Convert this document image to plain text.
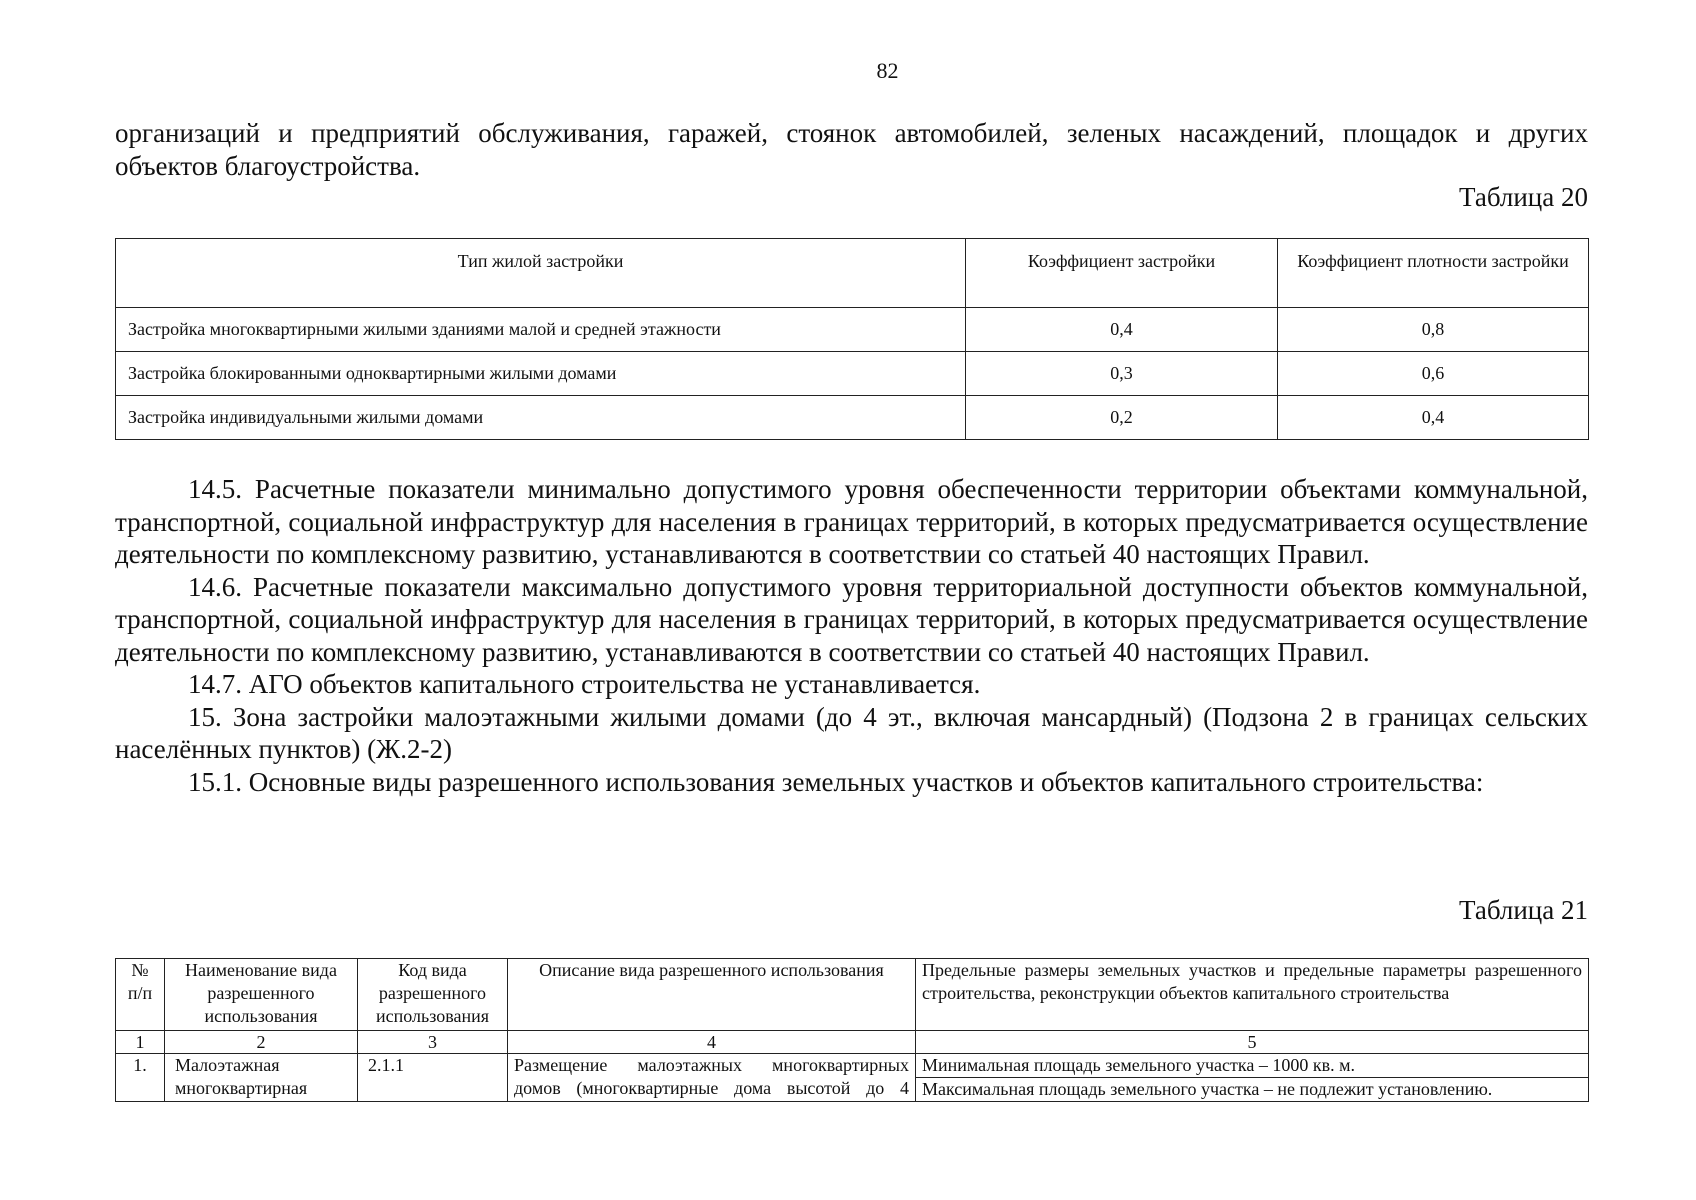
82

организаций и предприятий обслуживания, гаражей, стоянок автомобилей, зеленых насаждений, площадок и других

объектов благоустройства.

Таблица 20

Тип жилой застройки	Коэффициент застройки	Коэффициент плотности застройки
Застройка многоквартирными жилыми зданиями малой и средней этажности	0,4	0,8
Застройка блокированными одноквартирными жилыми домами	0,3	0,6
Застройка индивидуальными жилыми домами	0,2	0,4

14.5. Расчетные показатели минимально допустимого уровня обеспеченности территории объектами коммунальной, транспортной, социальной инфраструктур для населения в границах территорий, в которых предусматривается осуществление деятельности по комплексному развитию, устанавливаются в соответствии со статьей 40 настоящих Правил.

14.6. Расчетные показатели максимально допустимого уровня территориальной доступности объектов коммунальной, транспортной, социальной инфраструктур для населения в границах территорий, в которых предусматривается осуществление деятельности по комплексному развитию, устанавливаются в соответствии со статьей 40 настоящих Правил.

14.7. АГО объектов капитального строительства не устанавливается.

15. Зона застройки малоэтажными жилыми домами (до 4 эт., включая мансардный) (Подзона 2 в границах сельских населённых пунктов) (Ж.2-2)

15.1. Основные виды разрешенного использования земельных участков и объектов капитального строительства:

Таблица 21

№ п/п	Наименование вида разрешенного использования	Код вида разрешенного использования	Описание вида разрешенного использования	Предельные размеры земельных участков и предельные параметры разрешенного строительства, реконструкции объектов капитального строительства
1	2	3	4	5
1.	Малоэтажная многоквартирная	2.1.1	Размещение малоэтажных многоквартирных домов (многоквартирные дома высотой до 4	Минимальная площадь земельного участка – 1000 кв. м.
				Максимальная площадь земельного участка – не подлежит установлению.
